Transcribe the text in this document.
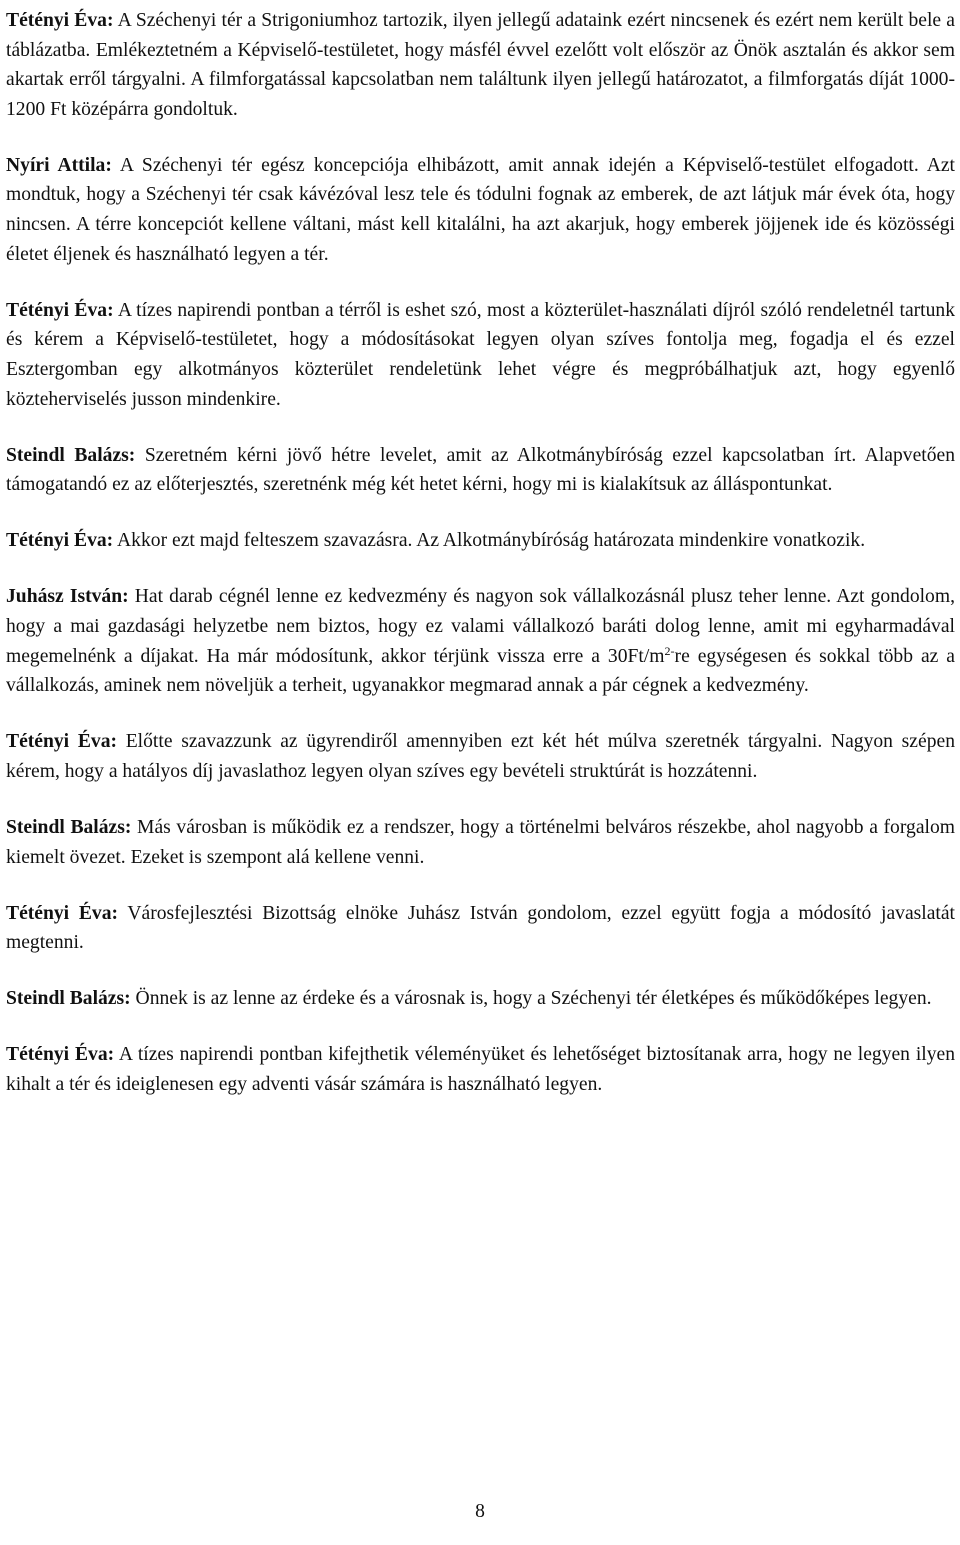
Tétényi Éva: A Széchenyi tér a Strigoniumhoz tartozik, ilyen jellegű adataink ezért nincsenek és ezért nem került bele a táblázatba. Emlékeztetném a Képviselő-testületet, hogy másfél évvel ezelőtt volt először az Önök asztalán és akkor sem akartak erről tárgyalni. A filmforgatással kapcsolatban nem találtunk ilyen jellegű határozatot, a filmforgatás díját 1000-1200 Ft középárra gondoltuk.

Nyíri Attila: A Széchenyi tér egész koncepciója elhibázott, amit annak idején a Képviselő-testület elfogadott. Azt mondtuk, hogy a Széchenyi tér csak kávézóval lesz tele és tódulni fognak az emberek, de azt látjuk már évek óta, hogy nincsen. A térre koncepciót kellene váltani, mást kell kitalálni, ha azt akarjuk, hogy emberek jöjjenek ide és közösségi életet éljenek és használható legyen a tér.

Tétényi Éva: A tízes napirendi pontban a térről is eshet szó, most a közterület-használati díjról szóló rendeletnél tartunk és kérem a Képviselő-testületet, hogy a módosításokat legyen olyan szíves fontolja meg, fogadja el és ezzel Esztergomban egy alkotmányos közterület rendeletünk lehet végre és megpróbálhatjuk azt, hogy egyenlő közteherviselés jusson mindenkire.

Steindl Balázs: Szeretném kérni jövő hétre levelet, amit az Alkotmánybíróság ezzel kapcsolatban írt. Alapvetően támogatandó ez az előterjesztés, szeretnénk még két hetet kérni, hogy mi is kialakítsuk az álláspontunkat.

Tétényi Éva: Akkor ezt majd felteszem szavazásra. Az Alkotmánybíróság határozata mindenkire vonatkozik.

Juhász István: Hat darab cégnél lenne ez kedvezmény és nagyon sok vállalkozásnál plusz teher lenne. Azt gondolom, hogy a mai gazdasági helyzetbe nem biztos, hogy ez valami vállalkozó baráti dolog lenne, amit mi egyharmadával megemelnénk a díjakat. Ha már módosítunk, akkor térjünk vissza erre a $30Ft/m^{2-}re$ egységesen és sokkal több az a vállalkozás, aminek nem növeljük a terheit, ugyanakkor megmarad annak a pár cégnek a kedvezmény.

Tétényi Éva: Előtte szavazzunk az ügyrendiről amennyiben ezt két hét múlva szeretnék tárgyalni. Nagyon szépen kérem, hogy a hatályos díj javaslathoz legyen olyan szíves egy bevételi struktúrát is hozzátenni.

Steindl Balázs: Más városban is működik ez a rendszer, hogy a történelmi belváros részekbe, ahol nagyobb a forgalom kiemelt övezet. Ezeket is szempont alá kellene venni.

Tétényi Éva: Városfejlesztési Bizottság elnöke Juhász István gondolom, ezzel együtt fogja a módosító javaslatát megtenni.

Steindl Balázs: Önnek is az lenne az érdeke és a városnak is, hogy a Széchenyi tér életképes és működőképes legyen.

Tétényi Éva: A tízes napirendi pontban kifejthetik véleményüket és lehetőséget biztosítanak arra, hogy ne legyen ilyen kihalt a tér és ideiglenesen egy adventi vásár számára is használható legyen.

8
